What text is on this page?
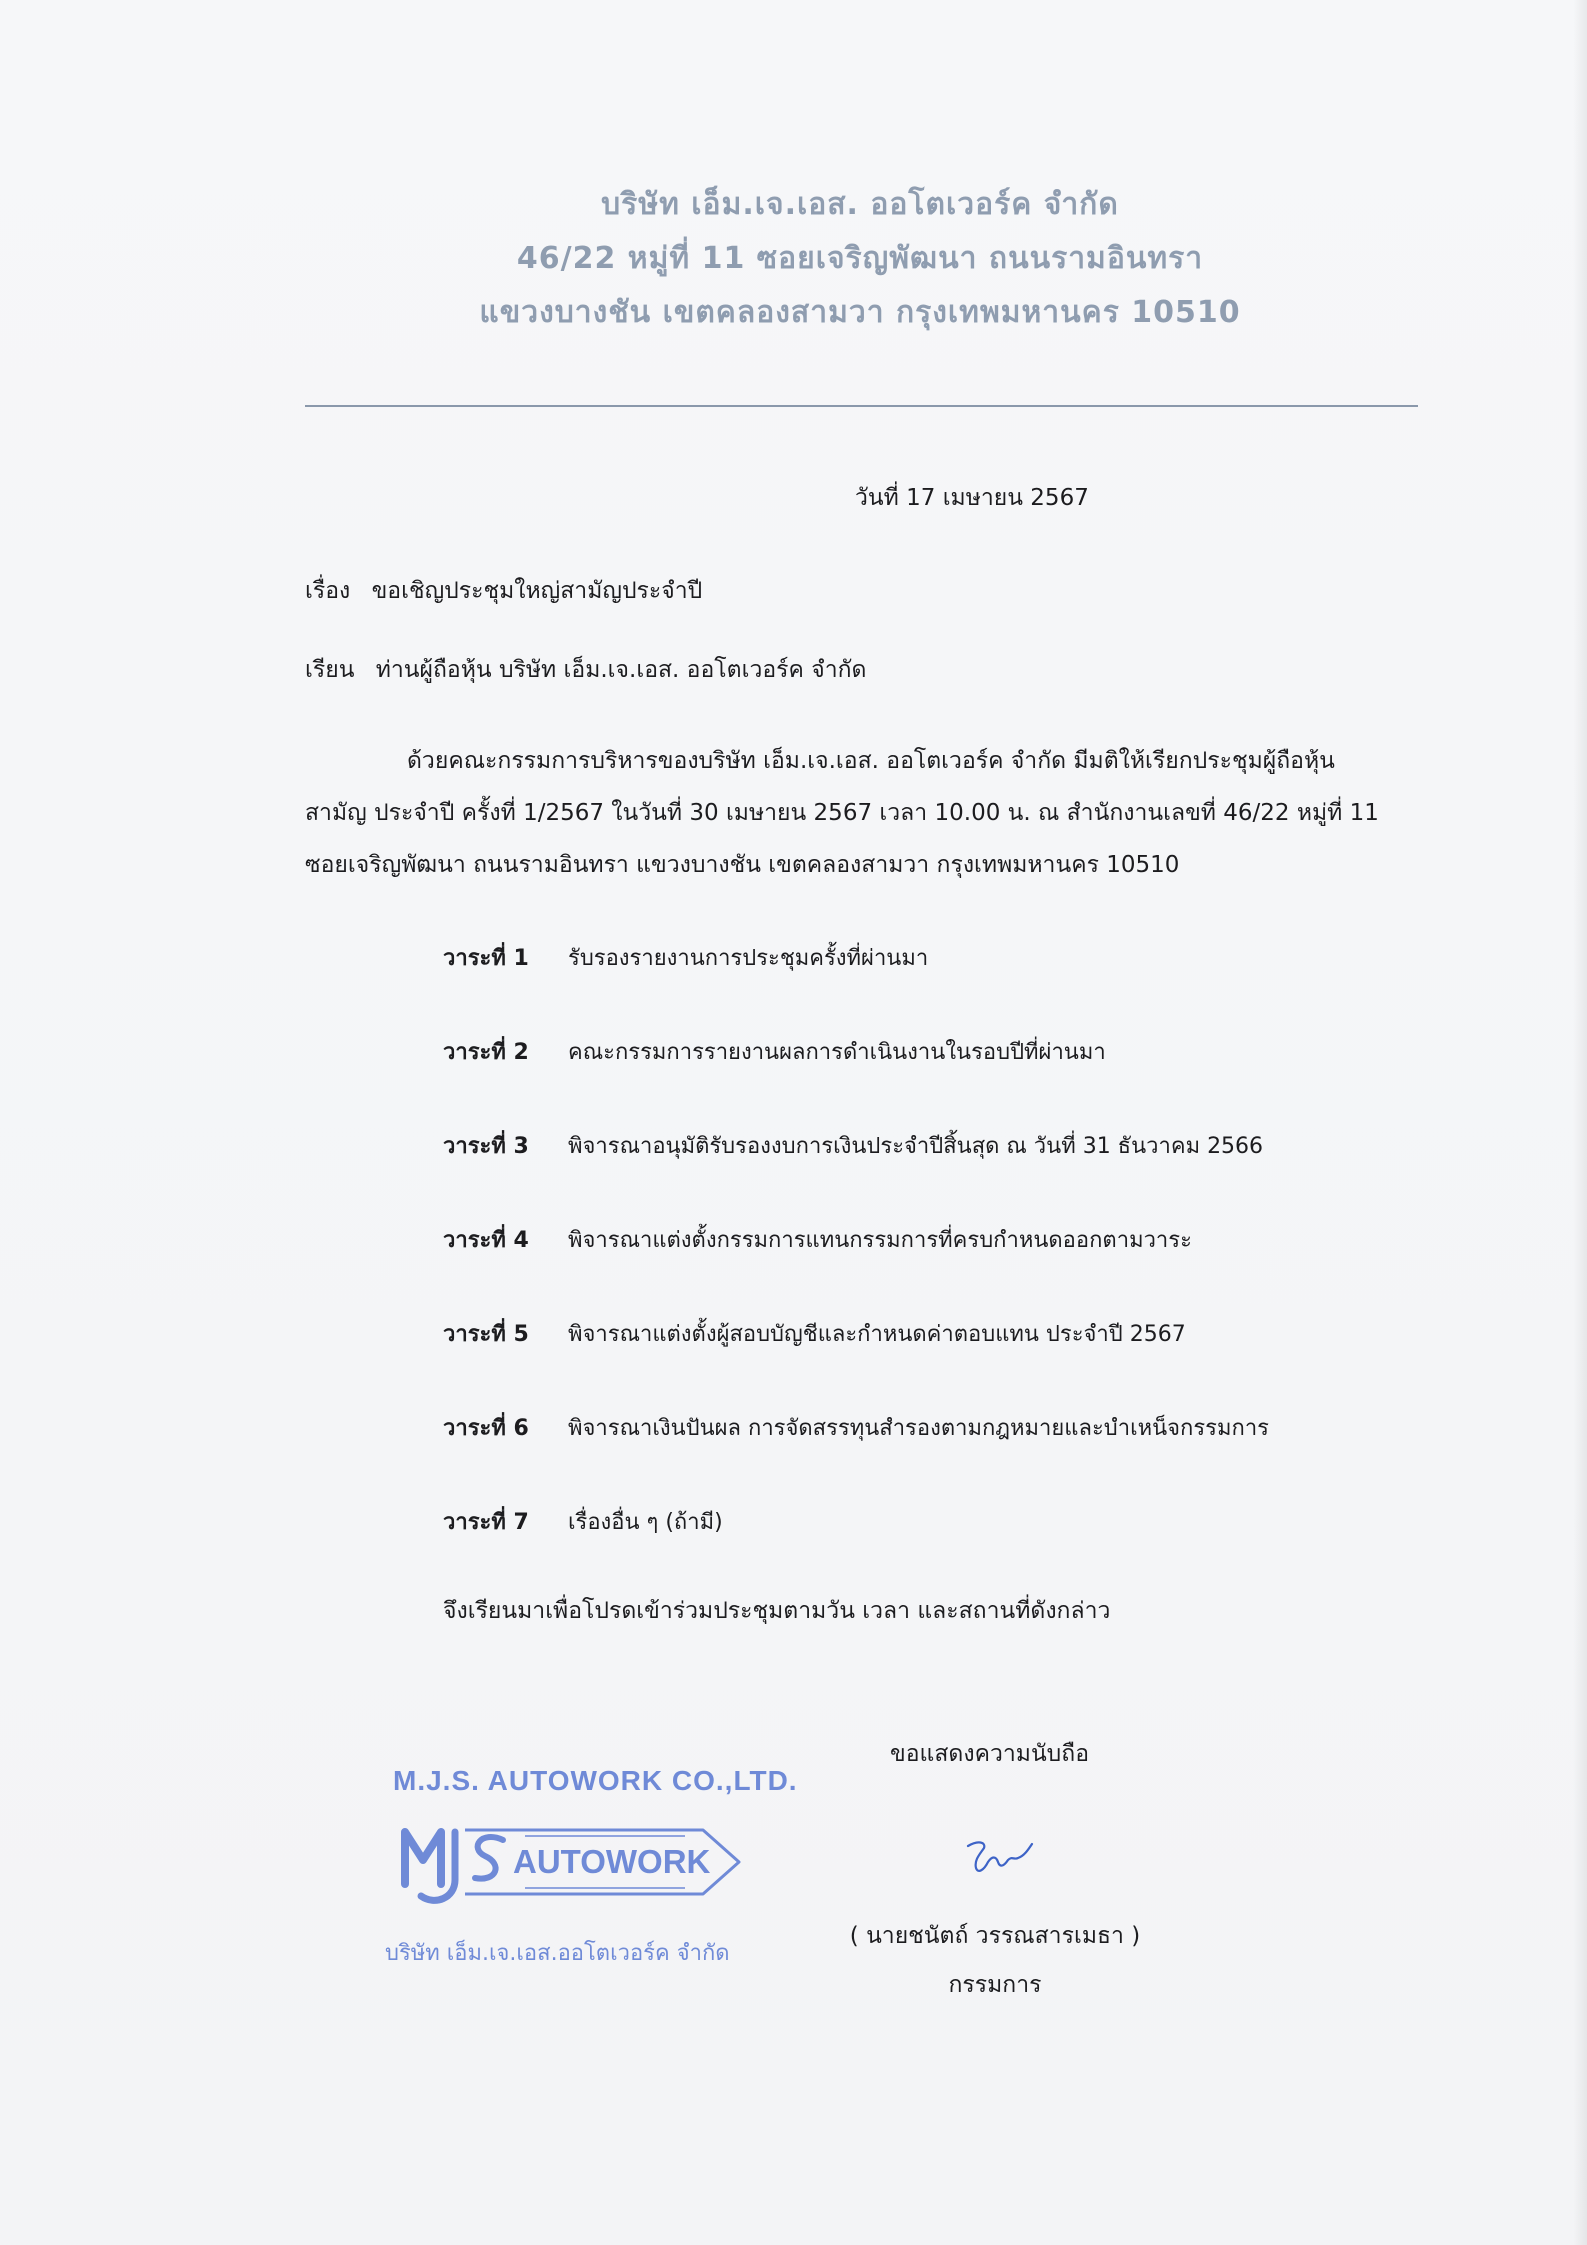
บริษัท เอ็ม.เจ.เอส. ออโตเวอร์ค จำกัด
46/22 หมู่ที่ 11 ซอยเจริญพัฒนา ถนนรามอินทรา
แขวงบางชัน เขตคลองสามวา กรุงเทพมหานคร 10510
วันที่ 17 เมษายน 2567
เรื่อง ขอเชิญประชุมใหญ่สามัญประจำปี
เรียน ท่านผู้ถือหุ้น บริษัท เอ็ม.เจ.เอส. ออโตเวอร์ค จำกัด
ด้วยคณะกรรมการบริหารของบริษัท เอ็ม.เจ.เอส. ออโตเวอร์ค จำกัด มีมติให้เรียกประชุมผู้ถือหุ้น
สามัญ ประจำปี ครั้งที่ 1/2567 ในวันที่ 30 เมษายน 2567 เวลา 10.00 น. ณ สำนักงานเลขที่ 46/22 หมู่ที่ 11
ซอยเจริญพัฒนา ถนนรามอินทรา แขวงบางชัน เขตคลองสามวา กรุงเทพมหานคร 10510
วาระที่ 1 รับรองรายงานการประชุมครั้งที่ผ่านมา
วาระที่ 2 คณะกรรมการรายงานผลการดำเนินงานในรอบปีที่ผ่านมา
วาระที่ 3 พิจารณาอนุมัติรับรองงบการเงินประจำปีสิ้นสุด ณ วันที่ 31 ธันวาคม 2566
วาระที่ 4 พิจารณาแต่งตั้งกรรมการแทนกรรมการที่ครบกำหนดออกตามวาระ
วาระที่ 5 พิจารณาแต่งตั้งผู้สอบบัญชีและกำหนดค่าตอบแทน ประจำปี 2567
วาระที่ 6 พิจารณาเงินปันผล การจัดสรรทุนสำรองตามกฎหมายและบำเหน็จกรรมการ
วาระที่ 7 เรื่องอื่น ๆ (ถ้ามี)
จึงเรียนมาเพื่อโปรดเข้าร่วมประชุมตามวัน เวลา และสถานที่ดังกล่าว
ขอแสดงความนับถือ
( นายชนัตถ์ วรรณสารเมธา )
กรรมการ
M.J.S. AUTOWORK CO.,LTD.
AUTOWORK
บริษัท เอ็ม.เจ.เอส.ออโตเวอร์ค จำกัด
